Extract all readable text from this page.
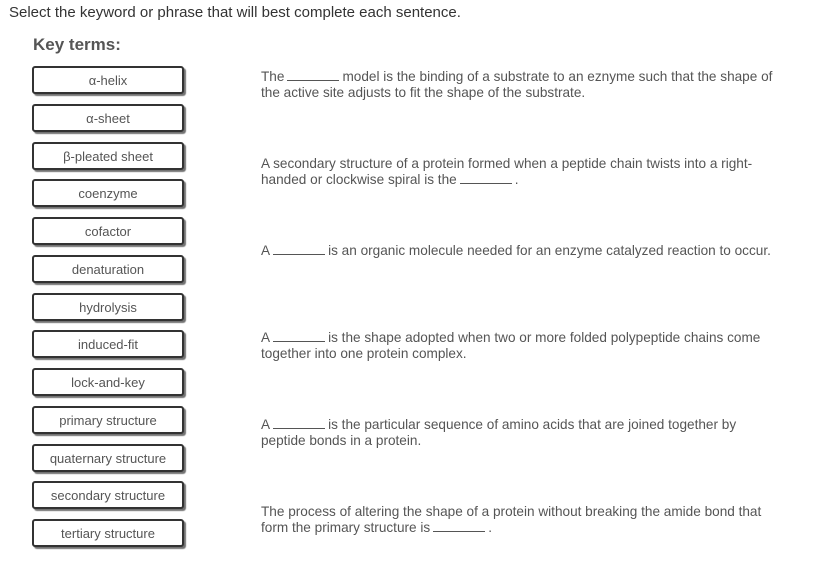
Select the keyword or phrase that will best complete each sentence.
Key terms:
α-helix
α-sheet
β-pleated sheet
coenzyme
cofactor
denaturation
hydrolysis
induced-fit
lock-and-key
primary structure
quaternary structure
secondary structure
tertiary structure
The	model is the binding of a substrate to an eznyme such that the shape of the active site adjusts to fit the shape of the substrate.
A secondary structure of a protein formed when a peptide chain twists into a right-handed or clockwise spiral is the	.
A	is an organic molecule needed for an enzyme catalyzed reaction to occur.
A	is the shape adopted when two or more folded polypeptide chains come together into one protein complex.
A	is the particular sequence of amino acids that are joined together by peptide bonds in a protein.
The process of altering the shape of a protein without breaking the amide bond that form the primary structure is	.
